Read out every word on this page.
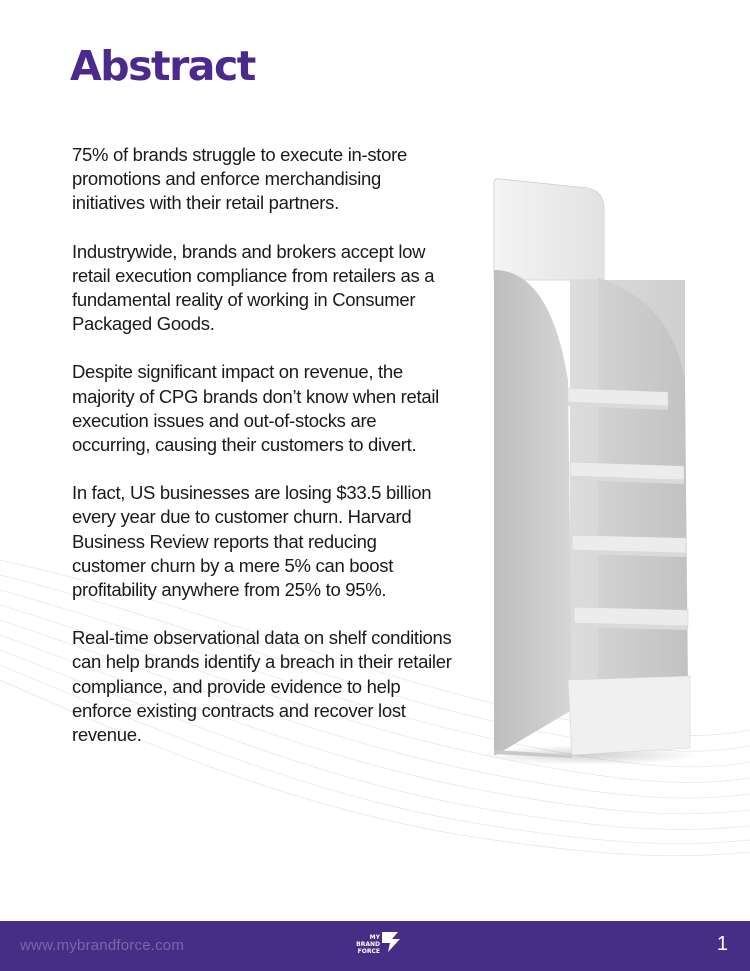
Abstract

75% of brands struggle to execute in-store promotions and enforce merchandising initiatives with their retail partners.

Industrywide, brands and brokers accept low retail execution compliance from retailers as a fundamental reality of working in Consumer Packaged Goods.

Despite significant impact on revenue, the majority of CPG brands don’t know when retail execution issues and out-of-stocks are occurring, causing their customers to divert.

In fact, US businesses are losing $33.5 billion every year due to customer churn. Harvard Business Review reports that reducing customer churn by a mere 5% can boost profitability anywhere from 25% to 95%.

Real-time observational data on shelf conditions can help brands identify a breach in their retailer compliance, and provide evidence to help enforce existing contracts and recover lost revenue.

www.mybrandforce.com	MY
BRAND
FORCE	1
